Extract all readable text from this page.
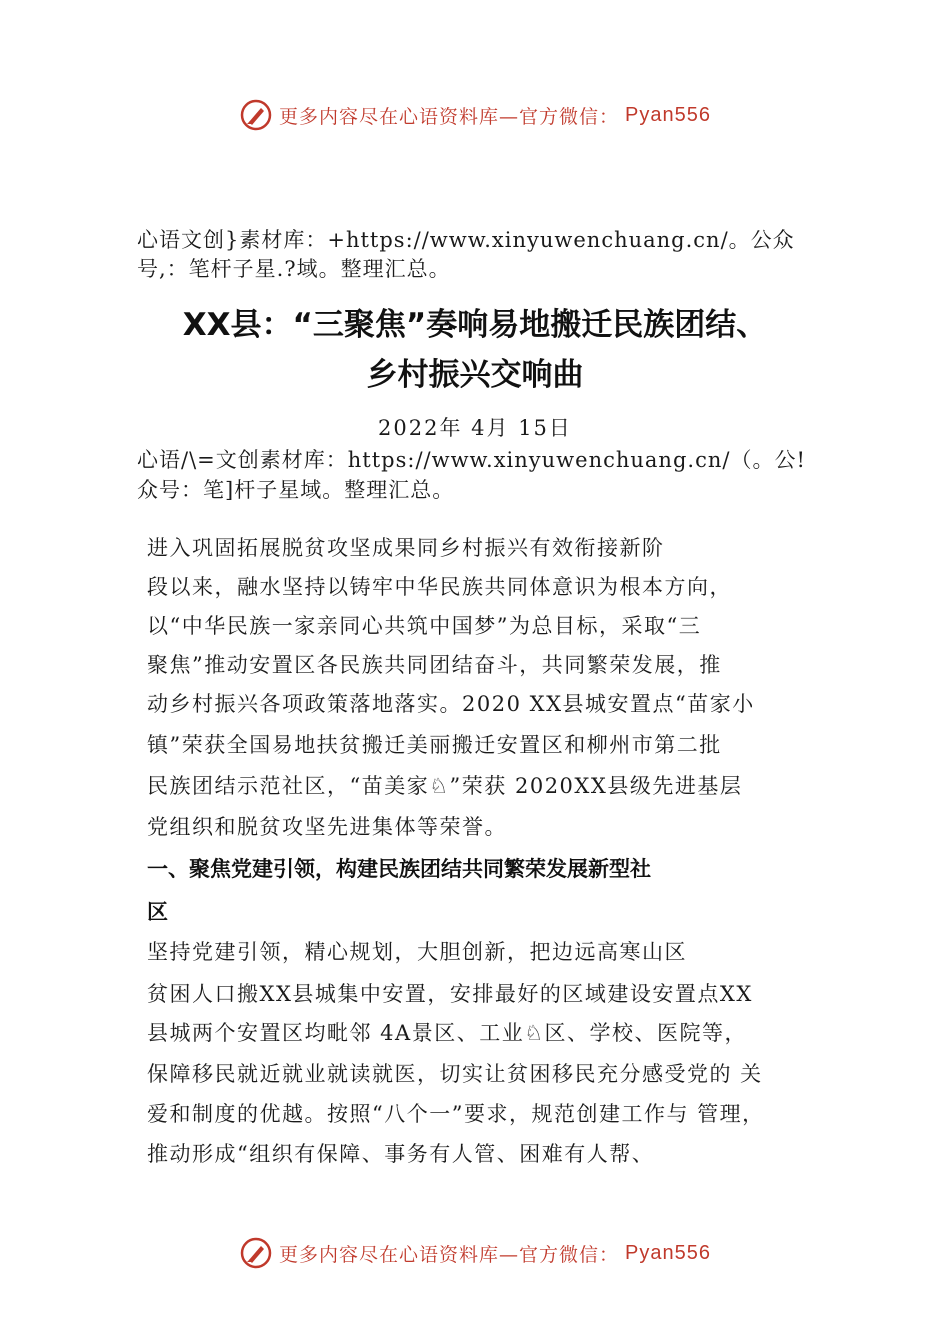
更多内容尽在心语资料库—官方微信： Pyan556
心语文创}素材库：+https://www.xinyuwenchuang.cn/。公众
号,：笔杆子星.?域。整理汇总。
XX县：“三聚焦”奏响易地搬迁民族团结、
乡村振兴交响曲
2022年 4月 15日
心语/\=文创素材库：https://www.xinyuwenchuang.cn/（。公!
众号：笔]杆子星域。整理汇总。
进入巩固拓展脱贫攻坚成果同乡村振兴有效衔接新阶
段以来，融水坚持以铸牢中华民族共同体意识为根本方向，
以“中华民族一家亲同心共筑中国梦”为总目标，采取“三
聚焦”推动安置区各民族共同团结奋斗，共同繁荣发展，推
动乡村振兴各项政策落地落实。2020 XX县城安置点“苗家小
镇”荣获全国易地扶贫搬迁美丽搬迁安置区和柳州市第二批
民族团结示范社区，“苗美家♘”荣获 2020XX县级先进基层
党组织和脱贫攻坚先进集体等荣誉。
一、聚焦党建引领，构建民族团结共同繁荣发展新型社
区
坚持党建引领，精心规划，大胆创新，把边远高寒山区
贫困人口搬XX县城集中安置，安排最好的区域建设安置点XX
县城两个安置区均毗邻 4A景区、工业♘区、学校、医院等，
保障移民就近就业就读就医，切实让贫困移民充分感受党的 关
爱和制度的优越。按照“八个一”要求，规范创建工作与 管理，
推动形成“组织有保障、事务有人管、困难有人帮、
更多内容尽在心语资料库—官方微信： Pyan556
